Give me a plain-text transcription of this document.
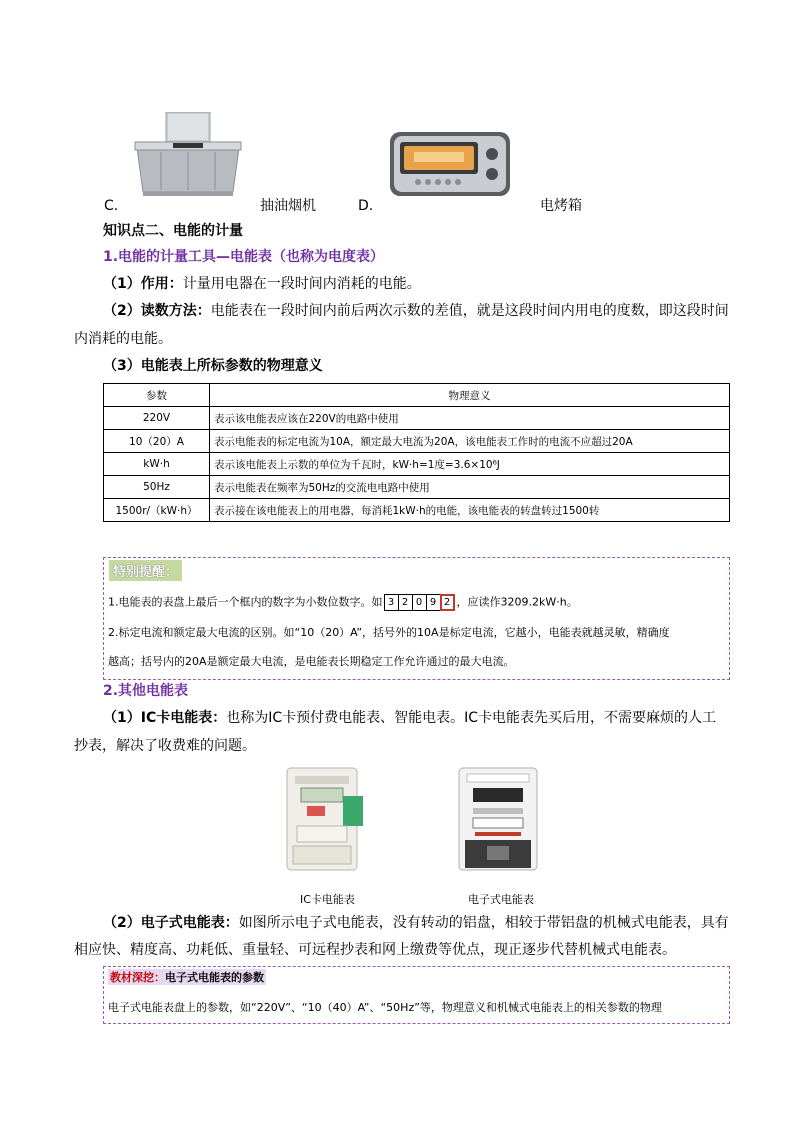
C.	抽油烟机	D.	电烤箱
知识点二、电能的计量
1.电能的计量工具—电能表（也称为电度表）
（1）作用：计量用电器在一段时间内消耗的电能。
（2）读数方法：电能表在一段时间内前后两次示数的差值，就是这段时间内用电的度数，即这段时间
内消耗的电能。
（3）电能表上所标参数的物理意义
参数	物理意义
220V	表示该电能表应该在220V的电路中使用
10（20）A	表示电能表的标定电流为10A，额定最大电流为20A，该电能表工作时的电流不应超过20A
kW·h	表示该电能表上示数的单位为千瓦时，kW·h=1度=3.6×10⁶J
50Hz	表示电能表在频率为50Hz的交流电电路中使用
1500r/（kW·h）	表示接在该电能表上的用电器，每消耗1kW·h的电能，该电能表的转盘转过1500转
特别提醒：
1.电能表的表盘上最后一个框内的数字为小数位数字。如 3 2 0 9 2 ，应读作3209.2kW·h。
2.标定电流和额定最大电流的区别。如“10（20）A”，括号外的10A是标定电流，它越小，电能表就越灵敏，精确度
越高；括号内的20A是额定最大电流，是电能表长期稳定工作允许通过的最大电流。
2.其他电能表
（1）IC卡电能表：也称为IC卡预付费电能表、智能电表。IC卡电能表先买后用，不需要麻烦的人工
抄表，解决了收费难的问题。
IC卡电能表	电子式电能表
（2）电子式电能表：如图所示电子式电能表，没有转动的铝盘，相较于带铝盘的机械式电能表，具有
相应快、精度高、功耗低、重量轻、可远程抄表和网上缴费等优点，现正逐步代替机械式电能表。
教材深挖：电子式电能表的参数
电子式电能表盘上的参数，如“220V”、“10（40）A”、“50Hz”等，物理意义和机械式电能表上的相关参数的物理
